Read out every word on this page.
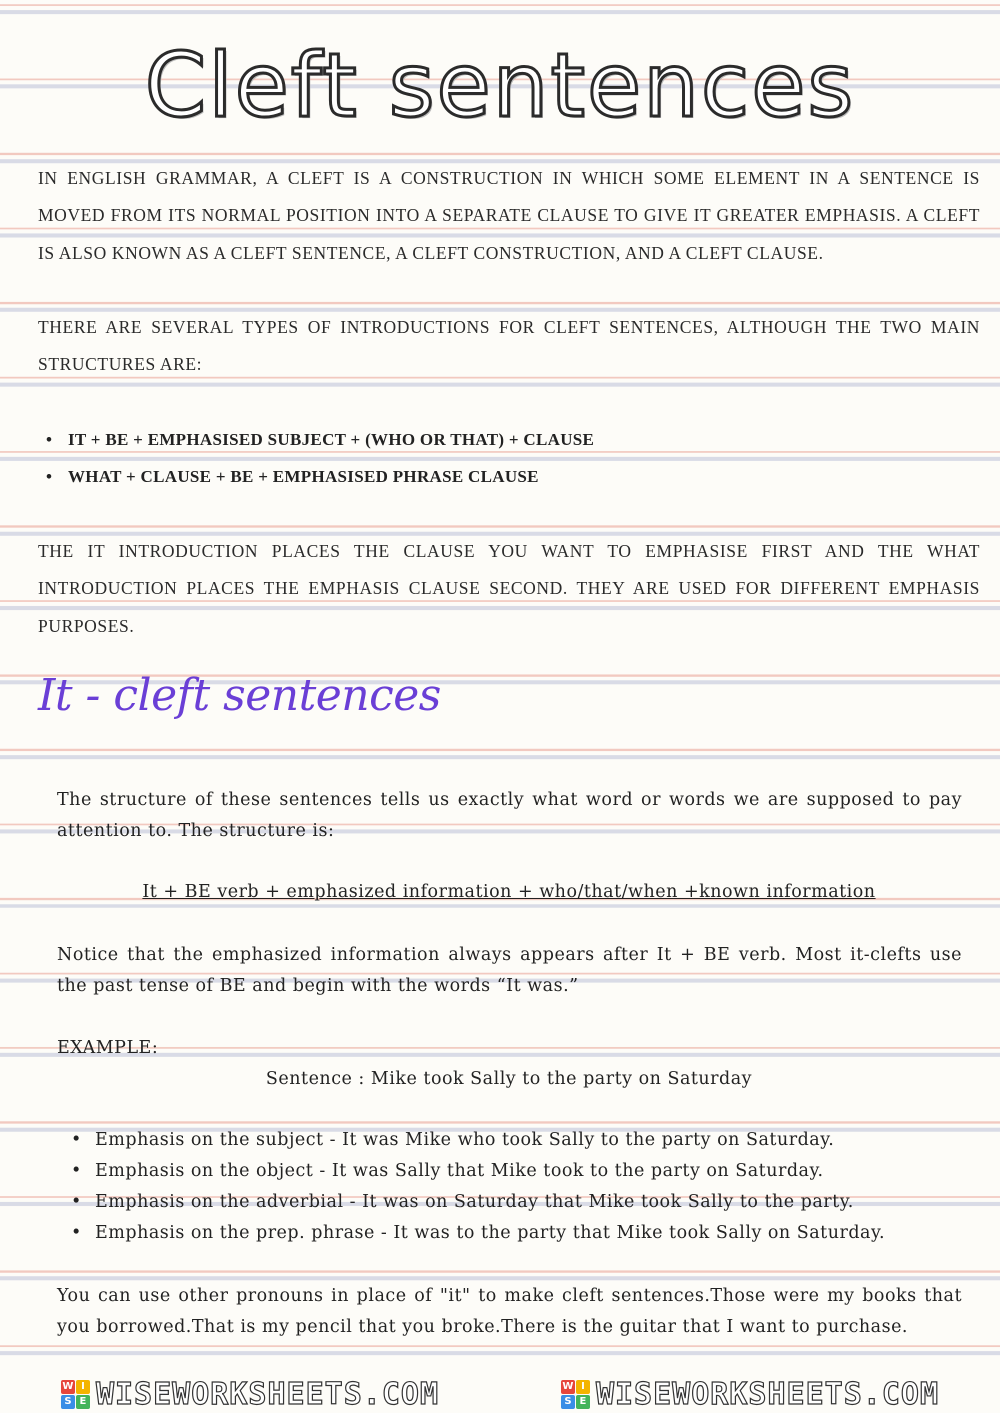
Cleft sentences
IN ENGLISH GRAMMAR, A CLEFT IS A CONSTRUCTION IN WHICH SOME ELEMENT IN A SENTENCE IS MOVED FROM ITS NORMAL POSITION INTO A SEPARATE CLAUSE TO GIVE IT GREATER EMPHASIS. A CLEFT IS ALSO KNOWN AS A CLEFT SENTENCE, A CLEFT CONSTRUCTION, AND A CLEFT CLAUSE.
THERE ARE SEVERAL TYPES OF INTRODUCTIONS FOR CLEFT SENTENCES, ALTHOUGH THE TWO MAIN STRUCTURES ARE:
• IT + BE + EMPHASISED SUBJECT + (WHO OR THAT) + CLAUSE
• WHAT + CLAUSE + BE + EMPHASISED PHRASE CLAUSE
THE IT INTRODUCTION PLACES THE CLAUSE YOU WANT TO EMPHASISE FIRST AND THE WHAT INTRODUCTION PLACES THE EMPHASIS CLAUSE SECOND. THEY ARE USED FOR DIFFERENT EMPHASIS PURPOSES.
It - cleft sentences
The structure of these sentences tells us exactly what word or words we are supposed to pay attention to. The structure is:
It + BE verb + emphasized information + who/that/when +known information
Notice that the emphasized information always appears after It + BE verb. Most it-clefts use the past tense of BE and begin with the words “It was.”
EXAMPLE:
Sentence : Mike took Sally to the party on Saturday
• Emphasis on the subject - It was Mike who took Sally to the party on Saturday.
• Emphasis on the object - It was Sally that Mike took to the party on Saturday.
• Emphasis on the adverbial - It was on Saturday that Mike took Sally to the party.
• Emphasis on the prep. phrase - It was to the party that Mike took Sally on Saturday.
You can use other pronouns in place of "it" to make cleft sentences.Those were my books that you borrowed.That is my pencil that you broke.There is the guitar that I want to purchase.
W I
S E WISEWORKSHEETS.COM	W I
S E WISEWORKSHEETS.COM
